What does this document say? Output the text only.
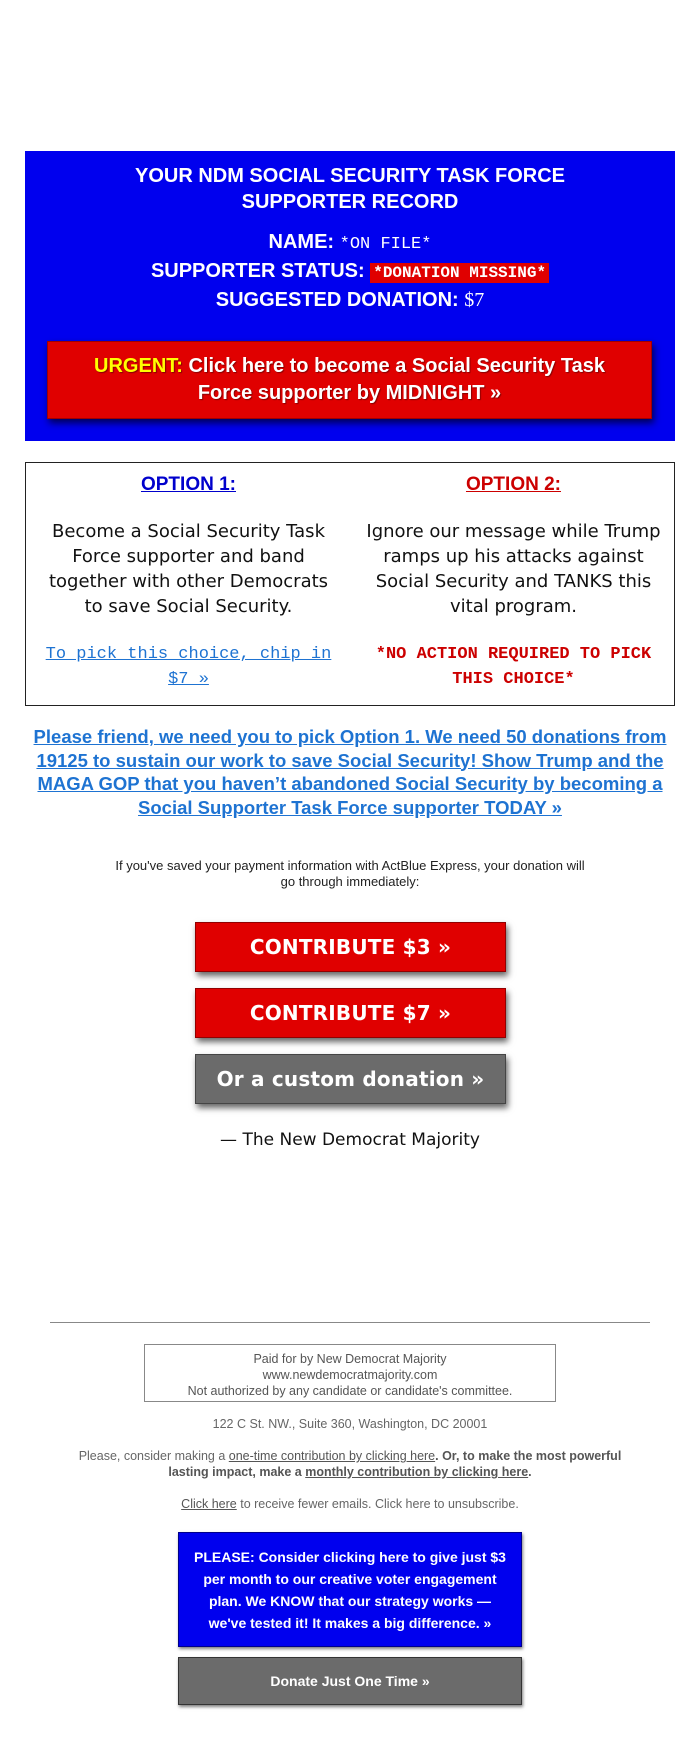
YOUR NDM SOCIAL SECURITY TASK FORCE
SUPPORTER RECORD
NAME: *ON FILE*
SUPPORTER STATUS: *DONATION MISSING*
SUGGESTED DONATION: $7
URGENT: Click here to become a Social Security Task Force supporter by MIDNIGHT »
OPTION 1:
Become a Social Security Task Force supporter and band together with other Democrats to save Social Security.
To pick this choice, chip in $7 »
OPTION 2:
Ignore our message while Trump ramps up his attacks against Social Security and TANKS this vital program.
*NO ACTION REQUIRED TO PICK THIS CHOICE*
Please friend, we need you to pick Option 1. We need 50 donations from 19125 to sustain our work to save Social Security! Show Trump and the MAGA GOP that you haven’t abandoned Social Security by becoming a Social Supporter Task Force supporter TODAY »
If you've saved your payment information with ActBlue Express, your donation will go through immediately:
CONTRIBUTE $3 »
CONTRIBUTE $7 »
Or a custom donation »
— The New Democrat Majority
Paid for by New Democrat Majority
www.newdemocratmajority.com
Not authorized by any candidate or candidate's committee.
122 C St. NW., Suite 360, Washington, DC 20001
Please, consider making a one-time contribution by clicking here. Or, to make the most powerful lasting impact, make a monthly contribution by clicking here.
Click here to receive fewer emails. Click here to unsubscribe.
PLEASE: Consider clicking here to give just $3 per month to our creative voter engagement plan. We KNOW that our strategy works — we've tested it! It makes a big difference. »
Donate Just One Time »
